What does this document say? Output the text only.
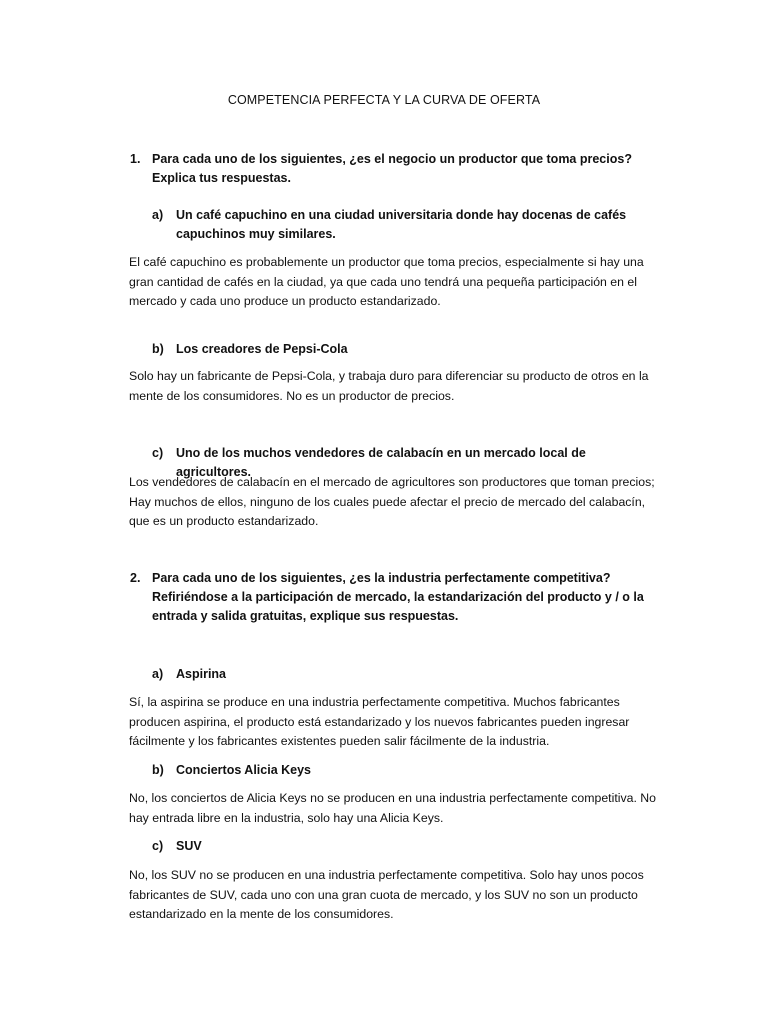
COMPETENCIA PERFECTA Y LA CURVA DE OFERTA
1. Para cada uno de los siguientes, ¿es el negocio un productor que toma precios? Explica tus respuestas.
a) Un café capuchino en una ciudad universitaria donde hay docenas de cafés capuchinos muy similares.
El café capuchino es probablemente un productor que toma precios, especialmente si hay una gran cantidad de cafés en la ciudad, ya que cada uno tendrá una pequeña participación en el mercado y cada uno produce un producto estandarizado.
b) Los creadores de Pepsi-Cola
Solo hay un fabricante de Pepsi-Cola, y trabaja duro para diferenciar su producto de otros en la mente de los consumidores. No es un productor de precios.
c) Uno de los muchos vendedores de calabacín en un mercado local de agricultores.
Los vendedores de calabacín en el mercado de agricultores son productores que toman precios; Hay muchos de ellos, ninguno de los cuales puede afectar el precio de mercado del calabacín, que es un producto estandarizado.
2. Para cada uno de los siguientes, ¿es la industria perfectamente competitiva? Refiriéndose a la participación de mercado, la estandarización del producto y / o la entrada y salida gratuitas, explique sus respuestas.
a) Aspirina
Sí, la aspirina se produce en una industria perfectamente competitiva. Muchos fabricantes producen aspirina, el producto está estandarizado y los nuevos fabricantes pueden ingresar fácilmente y los fabricantes existentes pueden salir fácilmente de la industria.
b) Conciertos Alicia Keys
No, los conciertos de Alicia Keys no se producen en una industria perfectamente competitiva. No hay entrada libre en la industria, solo hay una Alicia Keys.
c) SUV
No, los SUV no se producen en una industria perfectamente competitiva. Solo hay unos pocos fabricantes de SUV, cada uno con una gran cuota de mercado, y los SUV no son un producto estandarizado en la mente de los consumidores.
